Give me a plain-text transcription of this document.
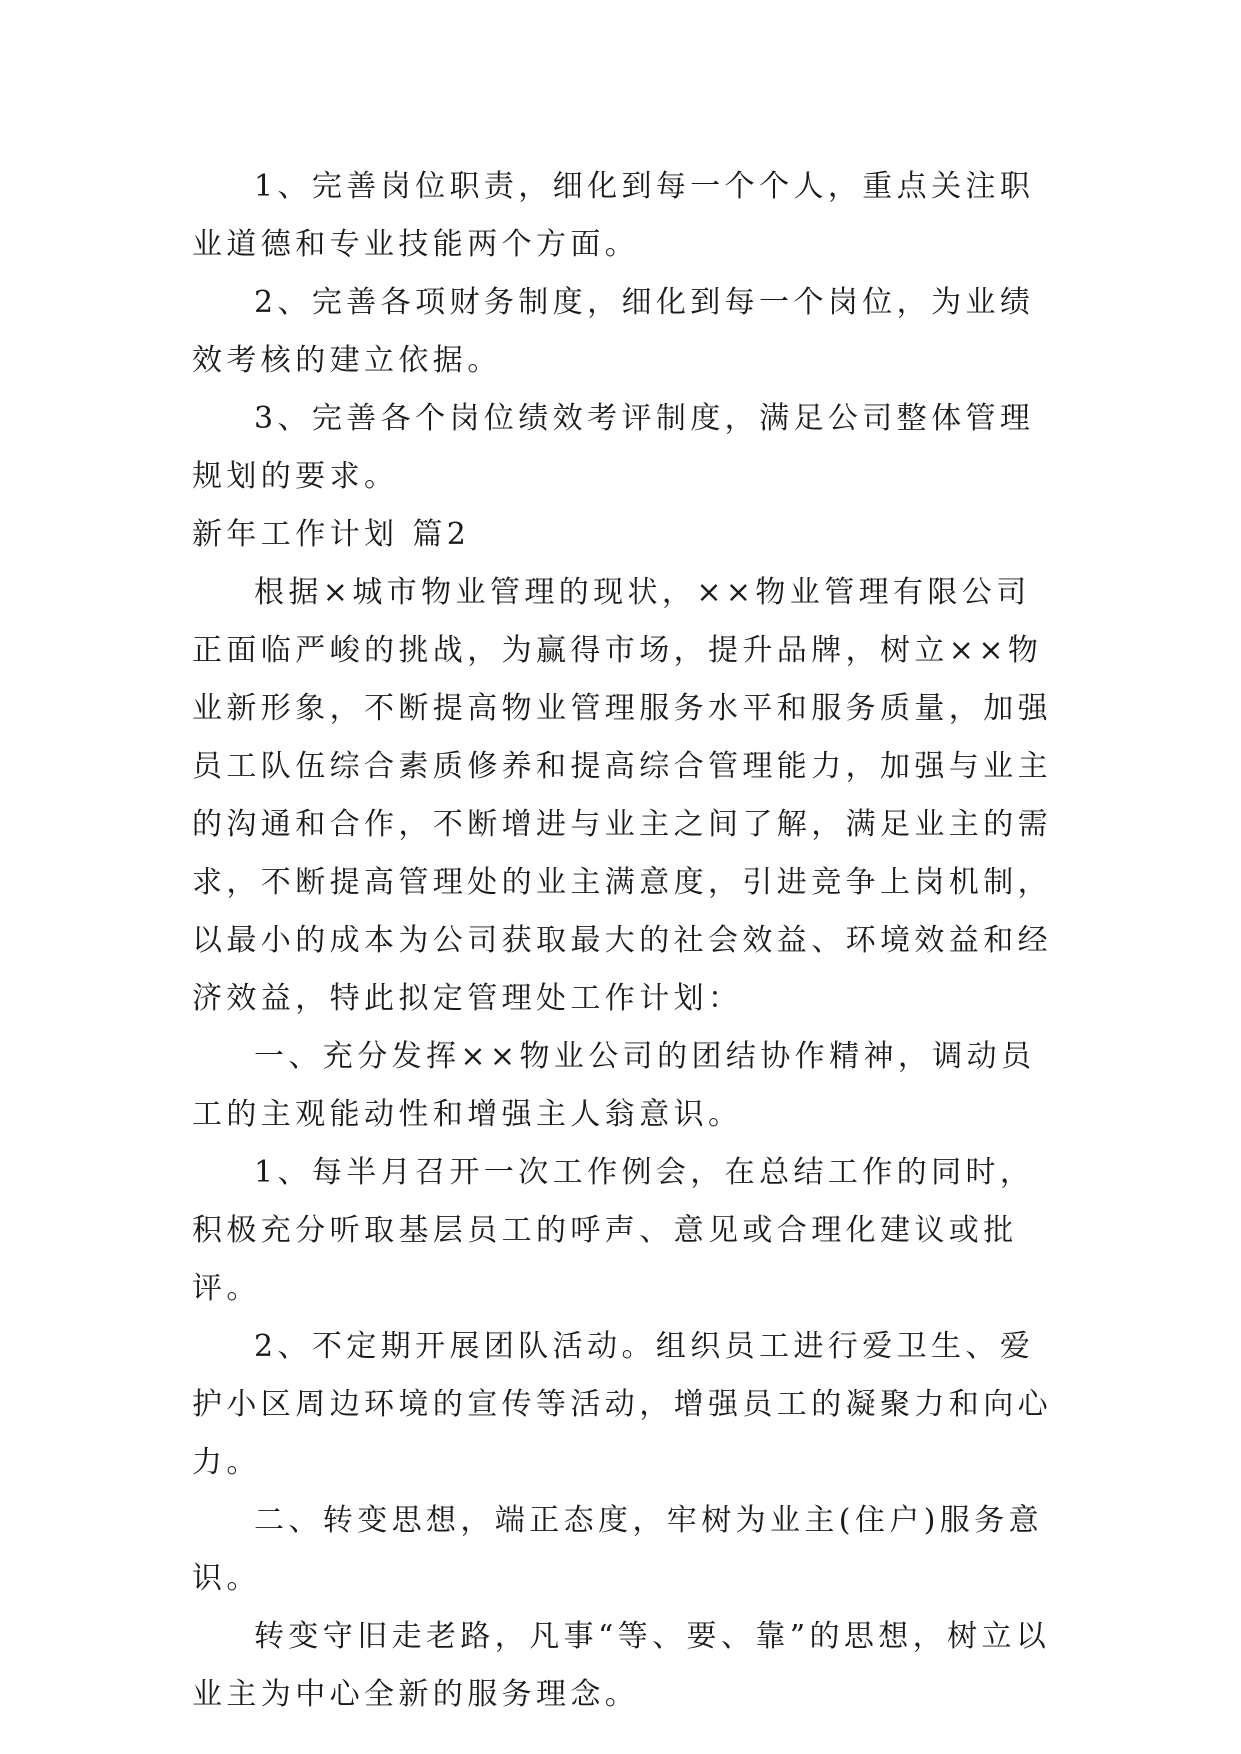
1、完善岗位职责，细化到每一个个人，重点关注职业道德和专业技能两个方面。

2、完善各项财务制度，细化到每一个岗位，为业绩效考核的建立依据。

3、完善各个岗位绩效考评制度，满足公司整体管理规划的要求。

新年工作计划 篇2

根据×城市物业管理的现状，××物业管理有限公司正面临严峻的挑战，为赢得市场，提升品牌，树立××物业新形象，不断提高物业管理服务水平和服务质量，加强员工队伍综合素质修养和提高综合管理能力，加强与业主的沟通和合作，不断增进与业主之间了解，满足业主的需求，不断提高管理处的业主满意度，引进竞争上岗机制，以最小的成本为公司获取最大的社会效益、环境效益和经济效益，特此拟定管理处工作计划：

一、充分发挥××物业公司的团结协作精神，调动员工的主观能动性和增强主人翁意识。

1、每半月召开一次工作例会，在总结工作的同时，积极充分听取基层员工的呼声、意见或合理化建议或批评。

2、不定期开展团队活动。组织员工进行爱卫生、爱护小区周边环境的宣传等活动，增强员工的凝聚力和向心力。

二、转变思想，端正态度，牢树为业主(住户)服务意识。

转变守旧走老路，凡事“等、要、靠”的思想，树立以业主为中心全新的服务理念。
